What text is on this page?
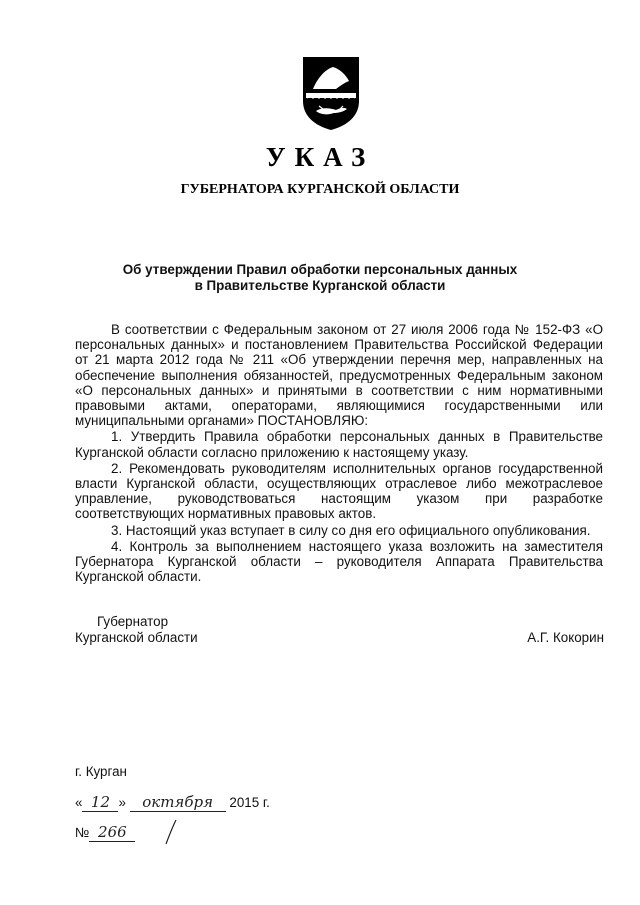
УКАЗ
ГУБЕРНАТОРА КУРГАНСКОЙ ОБЛАСТИ
Об утверждении Правил обработки персональных данных
в Правительстве Курганской области

В соответствии с Федеральным законом от 27 июля 2006 года № 152-ФЗ «О персональных данных» и постановлением Правительства Российской Федерации от 21 марта 2012 года № 211 «Об утверждении перечня мер, направленных на обеспечение выполнения обязанностей, предусмотренных Федеральным законом «О персональных данных» и принятыми в соответствии с ним нормативными правовыми актами, операторами, являющимися государственными или муниципальными органами» ПОСТАНОВЛЯЮ:

1. Утвердить Правила обработки персональных данных в Правительстве Курганской области согласно приложению к настоящему указу.

2. Рекомендовать руководителям исполнительных органов государственной власти Курганской области, осуществляющих отраслевое либо межотраслевое управление, руководствоваться настоящим указом при разработке соответствующих нормативных правовых актов.

3. Настоящий указ вступает в силу со дня его официального опубликования.

4. Контроль за выполнением настоящего указа возложить на заместителя Губернатора Курганской области – руководителя Аппарата Правительства Курганской области.

Губернатор
Курганской области	А.Г. Кокорин
г. Курган
« 12 » октября 2015 г.
№ 266
